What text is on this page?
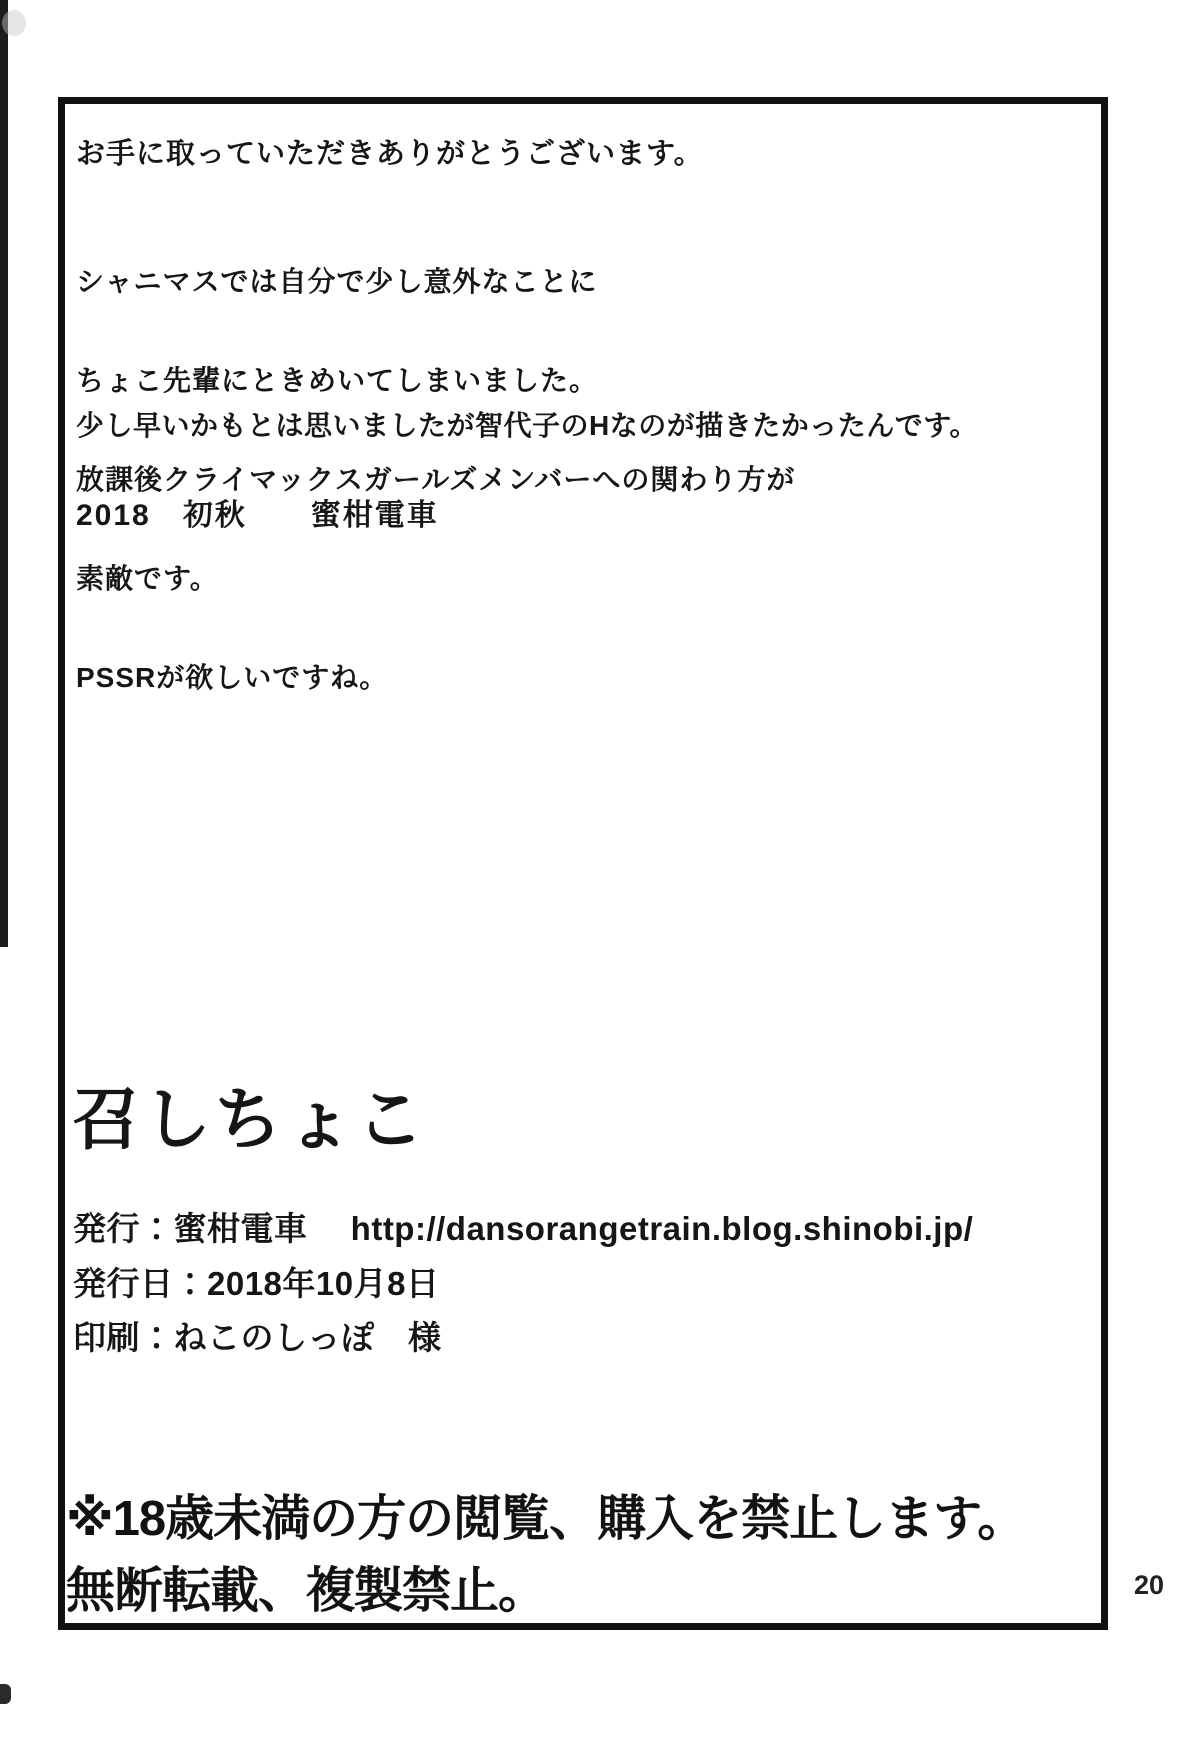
お手に取っていただきありがとうございます。

シャニマスでは自分で少し意外なことに

ちょこ先輩にときめいてしまいました。

放課後クライマックスガールズメンバーへの関わり方が

素敵です。

PSSRが欲しいですね。

少し早いかもとは思いましたが智代子のHなのが描きたかったんです。

2018　初秋　　蜜柑電車

召しちょこ

発行：蜜柑電車　 http://dansorangetrain.blog.shinobi.jp/

発行日：2018年10月8日

印刷：ねこのしっぽ　様

※18歳未満の方の閲覧、購入を禁止します。

無断転載、複製禁止。	20
